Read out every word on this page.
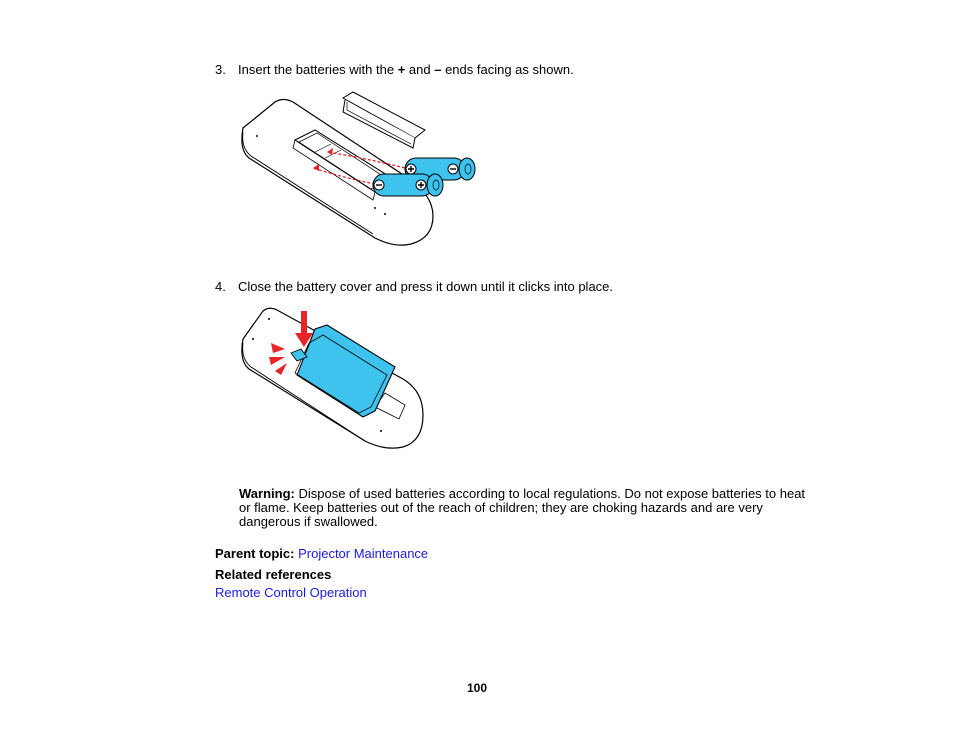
3. Insert the batteries with the + and – ends facing as shown.
4. Close the battery cover and press it down until it clicks into place.
Warning: Dispose of used batteries according to local regulations. Do not expose batteries to heat or flame. Keep batteries out of the reach of children; they are choking hazards and are very dangerous if swallowed.
Parent topic: Projector Maintenance
Related references
Remote Control Operation
100
